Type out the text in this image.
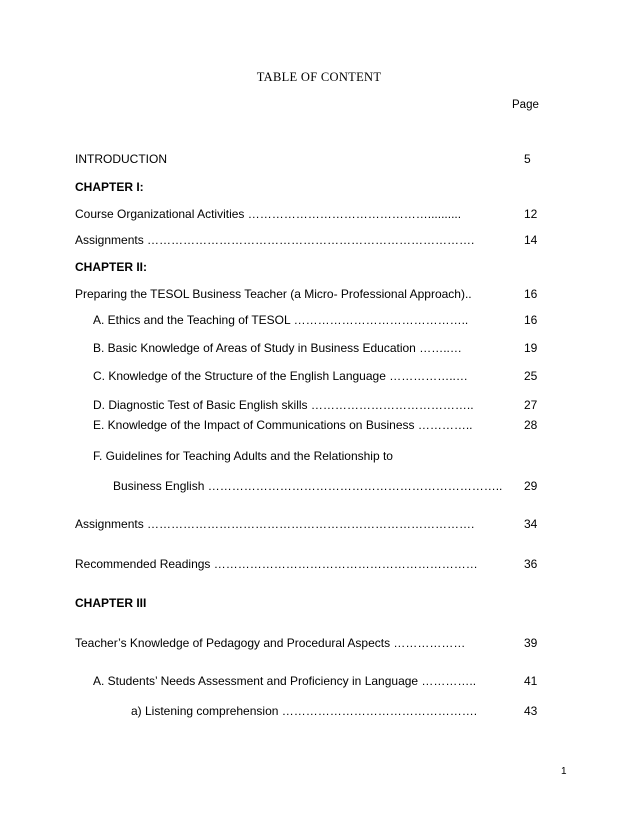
TABLE OF CONTENT
Page
INTRODUCTION	5
CHAPTER I:
Course Organizational Activities ………………………………………..........	12
Assignments ……………………………………………………………………….	14
CHAPTER II:
Preparing the TESOL Business Teacher (a Micro- Professional Approach)..	16
A. Ethics and the Teaching of TESOL ……………………………………..	16
B. Basic Knowledge of Areas of Study in Business Education ……..…	19
C. Knowledge of the Structure of the English Language ……………..…	25
D. Diagnostic Test of Basic English skills …………………………………..	27
E. Knowledge of the Impact of Communications on Business …………..	28
F. Guidelines for Teaching Adults and the Relationship to
Business English ……………………………………………………………….. 29
Assignments ……………………………………………………………………….	34
Recommended Readings …………………………………………………………	36
CHAPTER III
Teacher’s Knowledge of Pedagogy and Procedural Aspects ………………	39
A. Students’ Needs Assessment and Proficiency in Language …………..	41
a) Listening comprehension ………………………………………….	43
1
